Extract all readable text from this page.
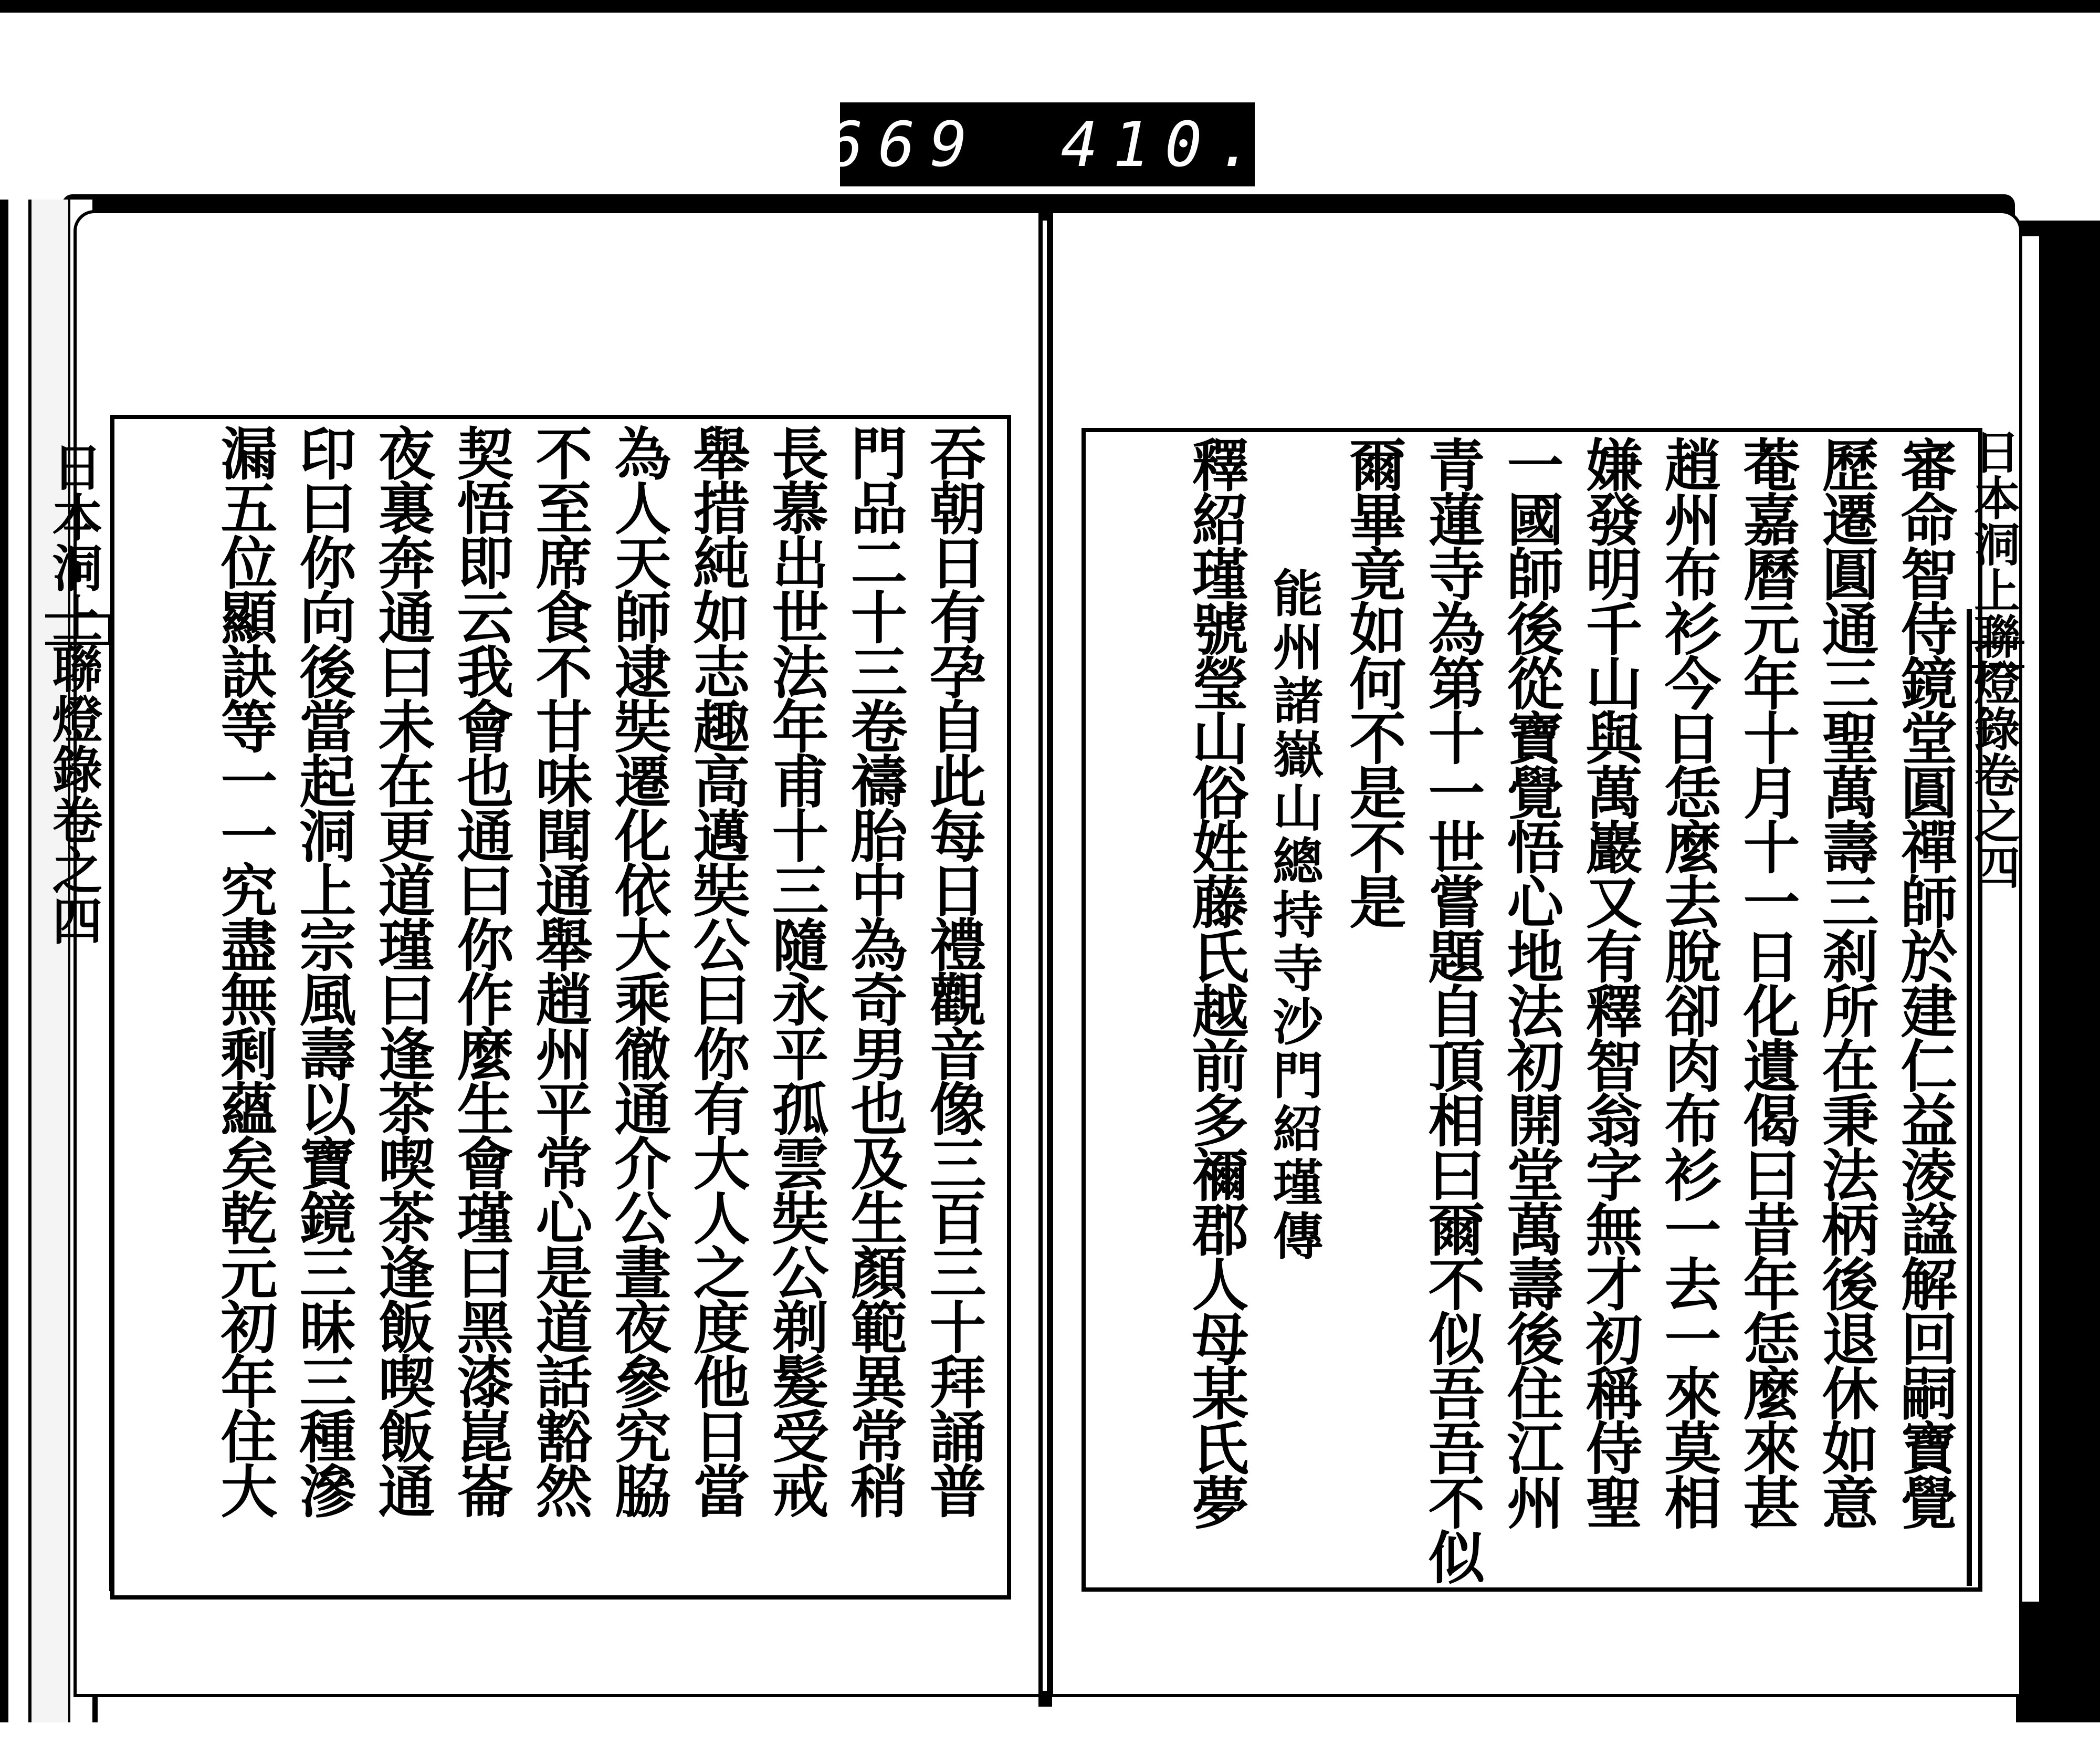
669 410.
日本洞上聯燈錄卷之四	日本洞上聯燈錄卷之四
吞朝日有孕自此每日禮觀音像三百三十拜誦普
門品二十三卷禱胎中為奇男也及生顏範異常稍
長慕出世法年甫十三隨永平孤雲奘公剃髮受戒
舉措純如志趣高邁奘公曰你有大人之度他日當
為人天師逮奘遷化依大乘徹通介公晝夜參究脇
不至席食不甘味聞通舉趙州平常心是道話豁然
契悟即云我會也通曰你作麼生會瑾曰黑漆崑崙
夜裏奔通曰未在更道瑾曰逢茶喫茶逢飯喫飯通
印曰你向後當起洞上宗風壽以寶鏡三昧三種滲
漏五位顯訣等一一究盡無剩蘊矣乾元初年住大	審命智侍鏡堂圓禪師於建仁益淩諡解回嗣寶覺
歷遷圓通三聖萬壽三刹所在秉法柄後退休如意
菴嘉曆元年十月十一日化遺偈曰昔年恁麼來甚
趙州布衫今日恁麼去脫卻肉布衫一去一來莫相
嫌發明千山與萬巖又有釋智翁字無才初稱侍聖
一國師後從寶覺悟心地法初開堂萬壽後住江州
青蓮寺為第十一世嘗題自頂相曰爾不似吾吾不似
爾畢竟如何不是不是
能州諸嶽山總持寺沙門紹瑾傳
釋紹瑾號瑩山俗姓藤氏越前多禰郡人母某氏夢
